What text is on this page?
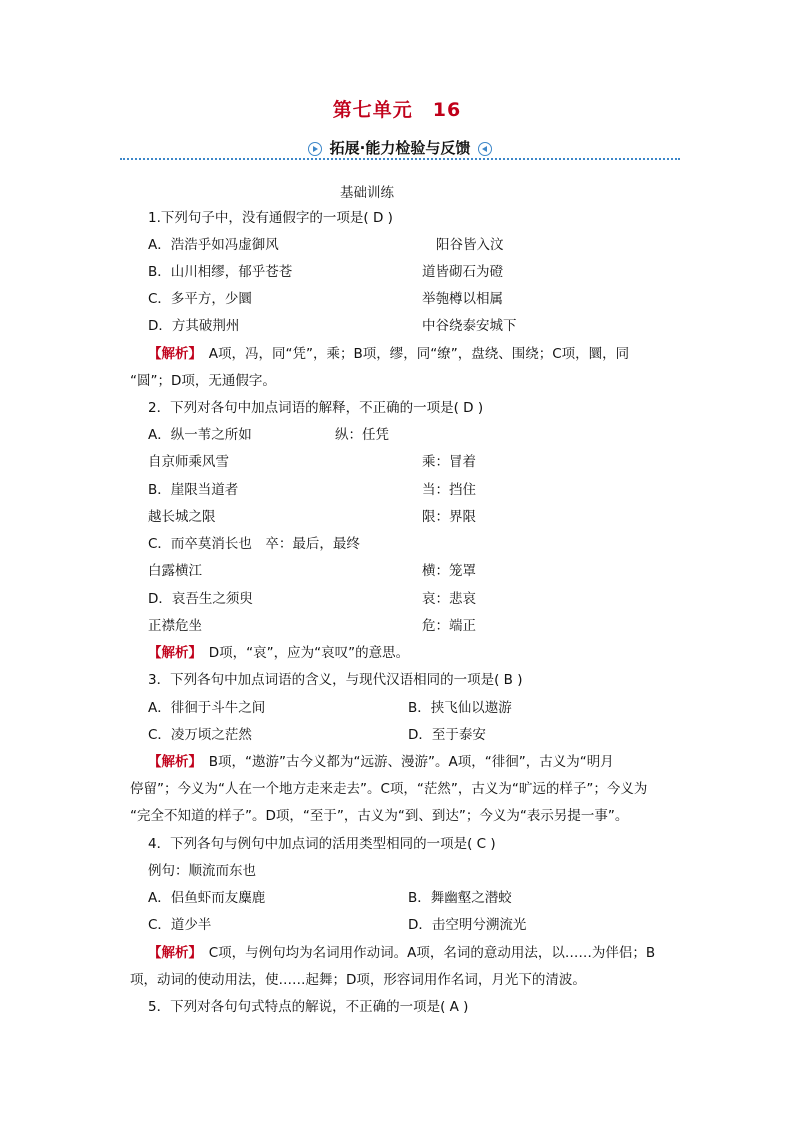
第七单元　16
拓展·能力检验与反馈
基础训练
1.下列句子中，没有通假字的一项是( D )
A．浩浩乎如冯虚御风	阳谷皆入汶
B．山川相缪，郁乎苍苍	道皆砌石为磴
C．多平方，少圜	举匏樽以相属
D．方其破荆州	中谷绕泰安城下
【解析】　 A项，冯，同“凭”，乘；B项，缪，同“缭”，盘绕、围绕；C项，圜，同
“圆”；D项，无通假字。
2．下列对各句中加点词语的解释，不正确的一项是( D )
A．纵一苇之所如	纵：任凭
自京师乘风雪	乘：冒着
B．崖限当道者	当：挡住
越长城之限	限：界限
C．而卒莫消长也　卒：最后，最终
白露横江	横：笼罩
D．哀吾生之须臾	哀：悲哀
正襟危坐	危：端正
【解析】　 D项，“哀”，应为“哀叹”的意思。
3．下列各句中加点词语的含义，与现代汉语相同的一项是( B )
A．徘徊于斗牛之间	B．挟飞仙以遨游
C．凌万顷之茫然	D．至于泰安
【解析】　 B项，“遨游”古今义都为“远游、漫游”。A项，“徘徊”，古义为“明月
停留”；今义为“人在一个地方走来走去”。C项，“茫然”，古义为“旷远的样子”；今义为
“完全不知道的样子”。D项，“至于”，古义为“到、到达”；今义为“表示另提一事”。
4．下列各句与例句中加点词的活用类型相同的一项是( C )
例句：顺流而东也
A．侣鱼虾而友麋鹿	B．舞幽壑之潜蛟
C．道少半	D．击空明兮溯流光
【解析】　 C项，与例句均为名词用作动词。A项，名词的意动用法，以……为伴侣；B
项，动词的使动用法，使……起舞；D项，形容词用作名词，月光下的清波。
5．下列对各句句式特点的解说，不正确的一项是( A )
